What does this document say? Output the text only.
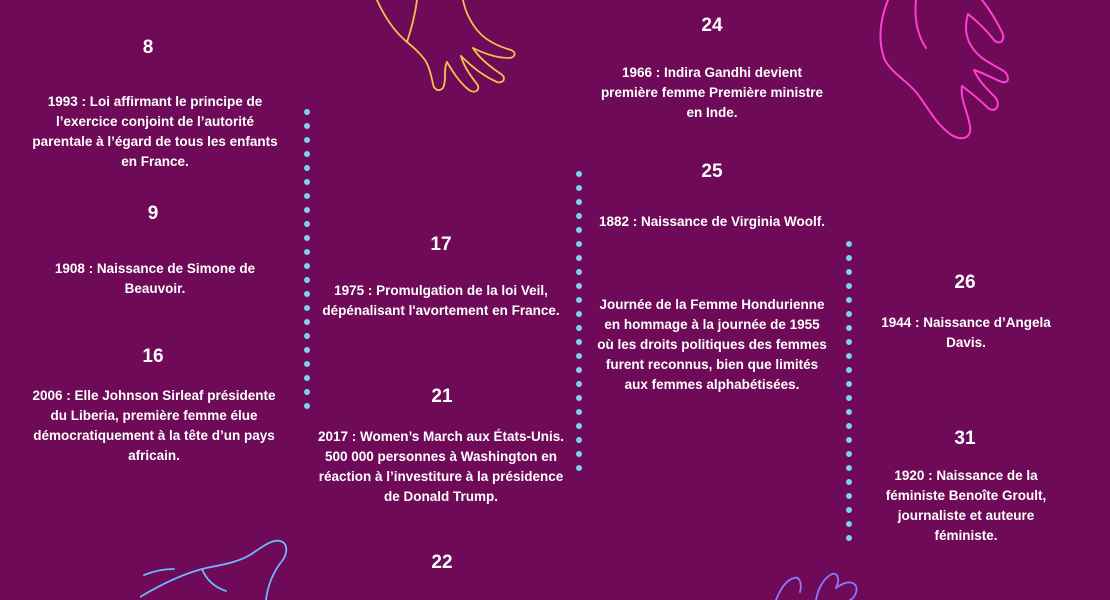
8
1993 : Loi affirmant le principe de l’exercice conjoint de l’autorité parentale à l’égard de tous les enfants en France.
9
1908 : Naissance de Simone de Beauvoir.
16
2006 : Elle Johnson Sirleaf présidente du Liberia, première femme élue démocratiquement à la tête d’un pays africain.
17
1975 : Promulgation de la loi Veil, dépénalisant l'avortement en France.
21
2017 : Women’s March aux États-Unis. 500 000 personnes à Washington en réaction à l’investiture à la présidence de Donald Trump.
22
24
1966 : Indira Gandhi devient première femme Première ministre en Inde.
25
1882 : Naissance de Virginia Woolf.
Journée de la Femme Hondurienne en hommage à la journée de 1955 où les droits politiques des femmes furent reconnus, bien que limités aux femmes alphabétisées.
26
1944 : Naissance d’Angela Davis.
31
1920 : Naissance de la féministe Benoîte Groult, journaliste et auteure féministe.
